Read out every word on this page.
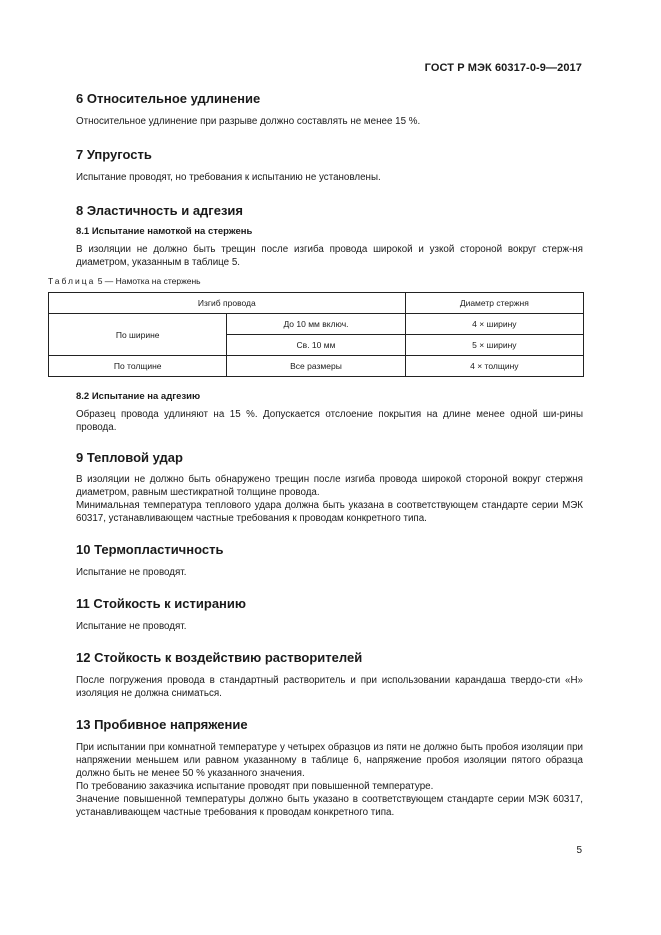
ГОСТ Р МЭК 60317-0-9—2017
6 Относительное удлинение

Относительное удлинение при разрыве должно составлять не менее 15 %.

7 Упругость

Испытание проводят, но требования к испытанию не установлены.

8 Эластичность и адгезия
8.1 Испытание намоткой на стержень

В изоляции не должно быть трещин после изгиба провода широкой и узкой стороной вокруг стерж-ня диаметром, указанным в таблице 5.

Таблица 5 — Намотка на стержень
Изгиб провода		Диаметр стержня
По ширине	До 10 мм включ.	4 × ширину
	Св. 10 мм	5 × ширину
По толщине	Все размеры	4 × толщину
8.2 Испытание на адгезию

Образец провода удлиняют на 15 %. Допускается отслоение покрытия на длине менее одной ши-рины провода.

9 Тепловой удар

В изоляции не должно быть обнаружено трещин после изгиба провода широкой стороной вокруг стержня диаметром, равным шестикратной толщине провода.

Минимальная температура теплового удара должна быть указана в соответствующем стандарте серии МЭК 60317, устанавливающем частные требования к проводам конкретного типа.

10 Термопластичность

Испытание не проводят.

11 Стойкость к истиранию

Испытание не проводят.

12 Стойкость к воздействию растворителей

После погружения провода в стандартный растворитель и при использовании карандаша твердо-сти «H» изоляция не должна сниматься.

13 Пробивное напряжение

При испытании при комнатной температуре у четырех образцов из пяти не должно быть пробоя изоляции при напряжении меньшем или равном указанному в таблице 6, напряжение пробоя изоляции пятого образца должно быть не менее 50 % указанного значения.

По требованию заказчика испытание проводят при повышенной температуре.

Значение повышенной температуры должно быть указано в соответствующем стандарте серии МЭК 60317, устанавливающем частные требования к проводам конкретного типа.

5
